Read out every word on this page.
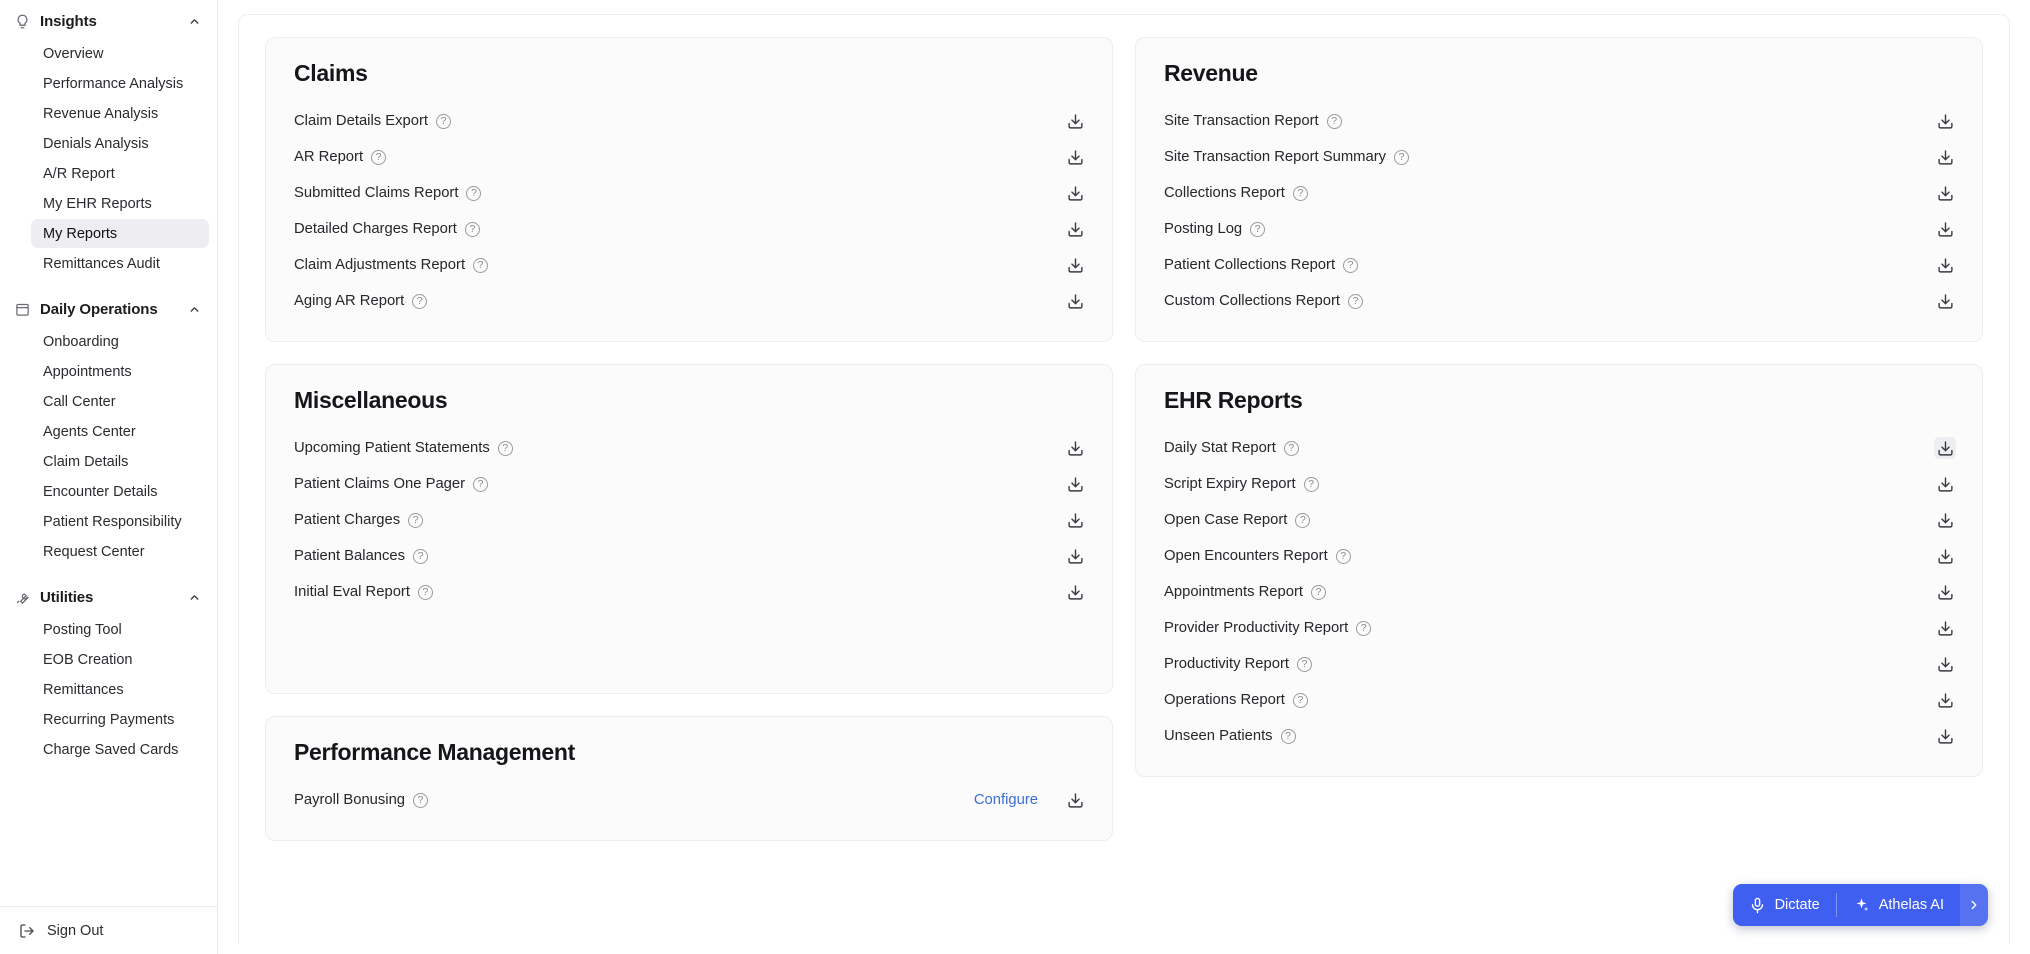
Insights
Overview
Performance Analysis
Revenue Analysis
Denials Analysis
A/R Report
My EHR Reports
My Reports
Remittances Audit
Daily Operations
Onboarding
Appointments
Call Center
Agents Center
Claim Details
Encounter Details
Patient Responsibility
Request Center
Utilities
Posting Tool
EOB Creation
Remittances
Recurring Payments
Charge Saved Cards
Sign Out
Claims
Claim Details Export	?
AR Report	?
Submitted Claims Report	?
Detailed Charges Report	?
Claim Adjustments Report	?
Aging AR Report	?
Miscellaneous
Upcoming Patient Statements	?
Patient Claims One Pager	?
Patient Charges	?
Patient Balances	?
Initial Eval Report	?
Performance Management
Payroll Bonusing	?	Configure
Revenue
Site Transaction Report	?
Site Transaction Report Summary	?
Collections Report	?
Posting Log	?
Patient Collections Report	?
Custom Collections Report	?
EHR Reports
Daily Stat Report	?
Script Expiry Report	?
Open Case Report	?
Open Encounters Report	?
Appointments Report	?
Provider Productivity Report	?
Productivity Report	?
Operations Report	?
Unseen Patients	?
Dictate	Athelas AI
